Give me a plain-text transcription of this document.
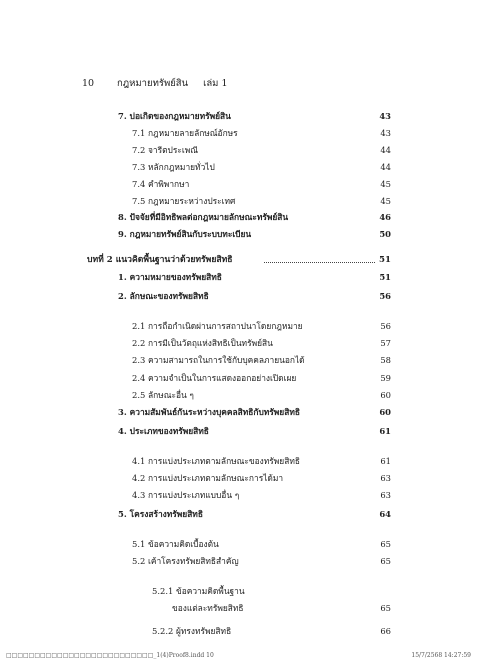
10 กฎหมายทรัพย์สิน เล่ม 1
7. บ่อเกิดของกฎหมายทรัพย์สิน	43
7.1 กฎหมายลายลักษณ์อักษร	43
7.2 จารีตประเพณี	44
7.3 หลักกฎหมายทั่วไป	44
7.4 คำพิพากษา	45
7.5 กฎหมายระหว่างประเทศ	45
8. ปัจจัยที่มีอิทธิพลต่อกฎหมายลักษณะทรัพย์สิน	46
9. กฎหมายทรัพย์สินกับระบบทะเบียน	50
บทที่ 2 แนวคิดพื้นฐานว่าด้วยทรัพยสิทธิ	51
1. ความหมายของทรัพยสิทธิ	51
2. ลักษณะของทรัพยสิทธิ	56
2.1 การถือกำเนิดผ่านการสถาปนาโดยกฎหมาย	56
2.2 การมีเป็นวัตถุแห่งสิทธิเป็นทรัพย์สิน	57
2.3 ความสามารถในการใช้กับบุคคลภายนอกได้	58
2.4 ความจำเป็นในการแสดงออกอย่างเปิดเผย	59
2.5 ลักษณะอื่น ๆ	60
3. ความสัมพันธ์กันระหว่างบุคคลสิทธิกับทรัพยสิทธิ	60
4. ประเภทของทรัพยสิทธิ	61
4.1 การแบ่งประเภทตามลักษณะของทรัพยสิทธิ	61
4.2 การแบ่งประเภทตามลักษณะการได้มา	63
4.3 การแบ่งประเภทแบบอื่น ๆ	63
5. โครงสร้างทรัพยสิทธิ	64
5.1 ข้อความคิดเบื้องต้น	65
5.2 เค้าโครงทรัพยสิทธิสำคัญ	65
5.2.1 ข้อความคิดพื้นฐาน
ของแต่ละทรัพยสิทธิ	65
5.2.2 ผู้ทรงทรัพยสิทธิ	66
□□□□□□□□□□□□□□□□□□□□□□□□□□_1(4)Proof8.indd 10	15/7/2568 14:27:59
